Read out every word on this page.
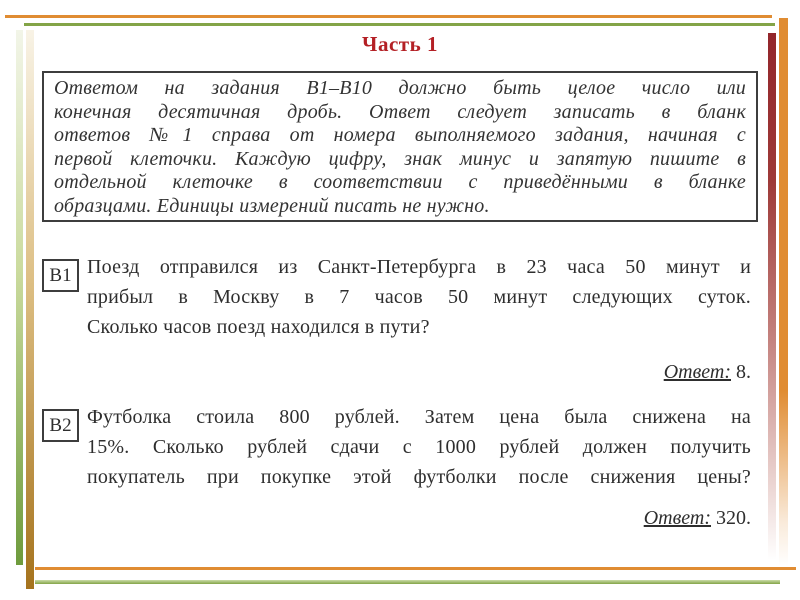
Часть 1
Ответом на задания В1–В10 должно быть целое число или
конечная десятичная дробь. Ответ следует записать в бланк
ответов №1 справа от номера выполняемого задания, начиная с
первой клеточки. Каждую цифру, знак минус и запятую пишите в
отдельной клеточке в соответствии с приведёнными в бланке
образцами. Единицы измерений писать не нужно.
В1 Поезд отправился из Санкт-Петербурга в 23 часа 50 минут и
прибыл в Москву в 7 часов 50 минут следующих суток.
Сколько часов поезд находился в пути?
Ответ: 8.
В2 Футболка стоила 800 рублей. Затем цена была снижена на
15%. Сколько рублей сдачи с 1000 рублей должен получить
покупатель при покупке этой футболки после снижения цены?
Ответ: 320.
